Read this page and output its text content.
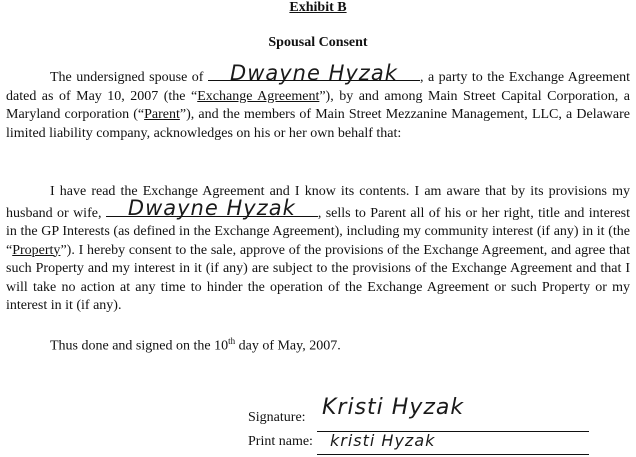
Exhibit B
Spousal Consent
The undersigned spouse of	Dwayne Hyzak	, a party to the Exchange Agreement dated as of May 10, 2007 (the “Exchange Agreement”), by and among Main Street Capital Corporation, a Maryland corporation (“Parent”), and the members of Main Street Mezzanine Management, LLC, a Delaware limited liability company, acknowledges on his or her own behalf that:
I have read the Exchange Agreement and I know its contents. I am aware that by its provisions my husband or wife,	Dwayne Hyzak	, sells to Parent all of his or her right, title and interest in the GP Interests (as defined in the Exchange Agreement), including my community interest (if any) in it (the “Property”). I hereby consent to the sale, approve of the provisions of the Exchange Agreement, and agree that such Property and my interest in it (if any) are subject to the provisions of the Exchange Agreement and that I will take no action at any time to hinder the operation of the Exchange Agreement or such Property or my interest in it (if any).
Thus done and signed on the 10th day of May, 2007.
Signature: Kristi Hyzak
Print name: kristi Hyzak
